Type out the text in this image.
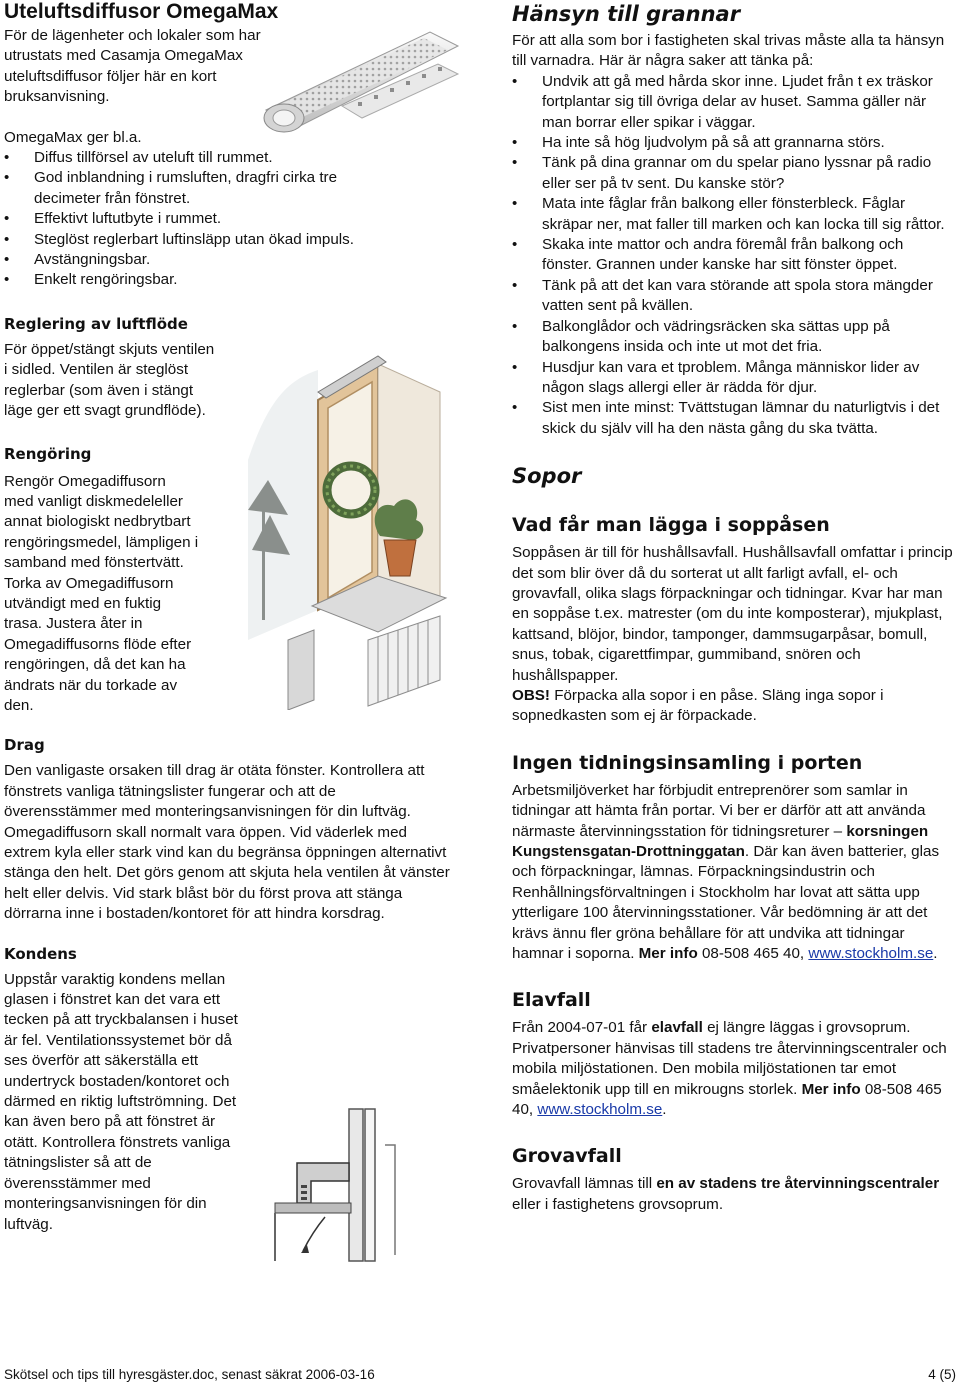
Uteluftsdiffusor OmegaMax

För de lägenheter och lokaler som har utrustats med Casamja OmegaMax uteluftsdiffusor följer här en kort bruksanvisning.

OmegaMax ger bl.a.

• Diffus tillförsel av uteluft till rummet.
• God inblandning i rumsluften, dragfri cirka tre decimeter från fönstret.
• Effektivt luftutbyte i rummet.
• Steglöst reglerbart luftinsläpp utan ökad impuls.
• Avstängningsbar.
• Enkelt rengöringsbar.
Reglering av luftflöde

För öppet/stängt skjuts ventilen i sidled. Ventilen är steglöst reglerbar (som även i stängt läge ger ett svagt grundflöde).

Rengöring

Rengör Omegadiffusorn med vanligt diskmedeleller annat biologiskt nedbrytbart rengöringsmedel, lämpligen i samband med fönstertvätt. Torka av Omegadiffusorn utvändigt med en fuktig trasa. Justera åter in Omegadiffusorns flöde efter rengöringen, då det kan ha ändrats när du torkade av den.

Drag

Den vanligaste orsaken till drag är otäta fönster. Kontrollera att fönstrets vanliga tätningslister fungerar och att de överensstämmer med monteringsanvisningen för din luftväg. Omegadiffusorn skall normalt vara öppen. Vid väderlek med extrem kyla eller stark vind kan du begränsa öppningen alternativt stänga den helt. Det görs genom att skjuta hela ventilen åt vänster helt eller delvis. Vid stark blåst bör du först prova att stänga dörrarna inne i bostaden/kontoret för att hindra korsdrag.

Kondens

Uppstår varaktig kondens mellan glasen i fönstret kan det vara ett tecken på att tryckbalansen i huset är fel. Ventilationssystemet bör då ses överför att säkerställa ett undertryck bostaden/kontoret och därmed en riktig luftströmning. Det kan även bero på att fönstret är otätt. Kontrollera fönstrets vanliga tätningslister så att de överensstämmer med monteringsanvisningen för din luftväg.

Hänsyn till grannar

För att alla som bor i fastigheten skal trivas måste alla ta hänsyn till varnadra. Här är några saker att tänka på:

• Undvik att gå med hårda skor inne. Ljudet från t ex träskor fortplantar sig till övriga delar av huset. Samma gäller när man borrar eller spikar i väggar.
• Ha inte så hög ljudvolym på så att grannarna störs.
• Tänk på dina grannar om du spelar piano lyssnar på radio eller ser på tv sent. Du kanske stör?
• Mata inte fåglar från balkong eller fönsterbleck. Fåglar skräpar ner, mat faller till marken och kan locka till sig råttor.
• Skaka inte mattor och andra föremål från balkong och fönster. Grannen under kanske har sitt fönster öppet.
• Tänk på att det kan vara störande att spola stora mängder vatten sent på kvällen.
• Balkonglådor och vädringsräcken ska sättas upp på balkongens insida och inte ut mot det fria.
• Husdjur kan vara et tproblem. Många människor lider av någon slags allergi eller är rädda för djur.
• Sist men inte minst: Tvättstugan lämnar du naturligtvis i det skick du själv vill ha den nästa gång du ska tvätta.
Sopor
Vad får man lägga i soppåsen

Soppåsen är till för hushållsavfall. Hushållsavfall omfattar i princip det som blir över då du sorterat ut allt farligt avfall, el- och grovavfall, olika slags förpackningar och tidningar. Kvar har man en soppåse t.ex. matrester (om du inte komposterar), mjukplast, kattsand, blöjor, bindor, tamponger, dammsugarpåsar, bomull, snus, tobak, cigarettfimpar, gummiband, snören och hushållspapper.

OBS! Förpacka alla sopor i en påse. Släng inga sopor i sopnedkasten som ej är förpackade.

Ingen tidningsinsamling i porten

Arbetsmiljöverket har förbjudit entreprenörer som samlar in tidningar att hämta från portar. Vi ber er därför att att använda närmaste återvinningsstation för tidningsreturer – korsningen Kungstensgatan-Drottninggatan. Där kan även batterier, glas och förpackningar, lämnas. Förpackningsindustrin och Renhållningsförvaltningen i Stockholm har lovat att sätta upp ytterligare 100 återvinningsstationer. Vår bedömning är att det krävs ännu fler gröna behållare för att undvika att tidningar hamnar i soporna. Mer info 08-508 465 40, www.stockholm.se.

Elavfall

Från 2004-07-01 får elavfall ej längre läggas i grovsoprum. Privatpersoner hänvisas till stadens tre återvinningscentraler och mobila miljöstationen. Den mobila miljöstationen tar emot småelektonik upp till en mikrougns storlek. Mer info 08-508 465 40, www.stockholm.se.

Grovavfall

Grovavfall lämnas till en av stadens tre återvinningscentraler eller i fastighetens grovsoprum.

Skötsel och tips till hyresgäster.doc, senast säkrat 2006-03-16	4 (5)
